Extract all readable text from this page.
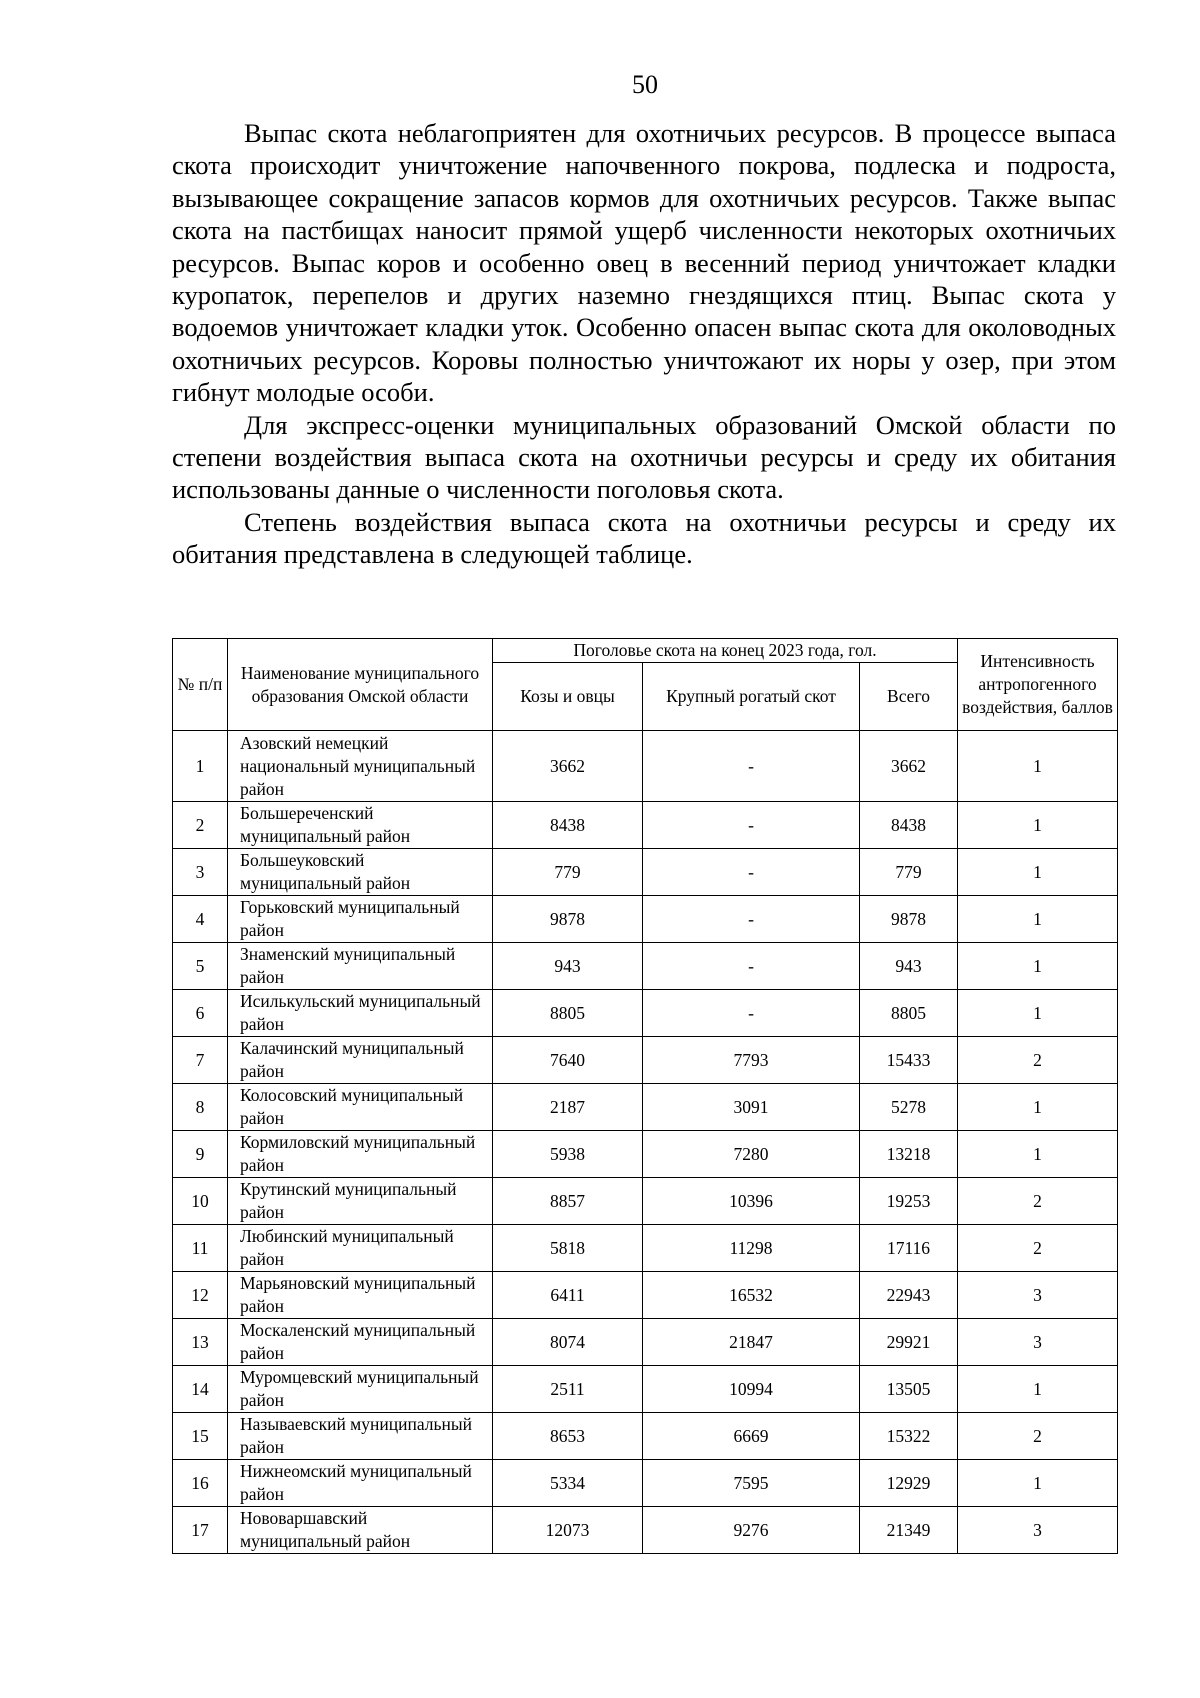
50

Выпас скота неблагоприятен для охотничьих ресурсов. В процессе выпаса скота происходит уничтожение напочвенного покрова, подлеска и подроста, вызывающее сокращение запасов кормов для охотничьих ресурсов. Также выпас скота на пастбищах наносит прямой ущерб численности некоторых охотничьих ресурсов. Выпас коров и особенно овец в весенний период уничтожает кладки куропаток, перепелов и других наземно гнездящихся птиц. Выпас скота у водоемов уничтожает кладки уток. Особенно опасен выпас скота для околоводных охотничьих ресурсов. Коровы полностью уничтожают их норы у озер, при этом гибнут молодые особи.

Для экспресс-оценки муниципальных образований Омской области по степени воздействия выпаса скота на охотничьи ресурсы и среду их обитания использованы данные о численности поголовья скота.

Степень воздействия выпаса скота на охотничьи ресурсы и среду их обитания представлена в следующей таблице.

№ п/п	Наименование муниципального образования Омской области	Поголовье скота на конец 2023 года, гол.			Интенсивность антропогенного воздействия, баллов
		Козы и овцы	Крупный рогатый скот	Всего	
1	Азовский немецкий национальный муниципальный район	3662	-	3662	1
2	Большереченский муниципальный район	8438	-	8438	1
3	Большеуковский муниципальный район	779	-	779	1
4	Горьковский муниципальный район	9878	-	9878	1
5	Знаменский муниципальный район	943	-	943	1
6	Исилькульский муниципальный район	8805	-	8805	1
7	Калачинский муниципальный район	7640	7793	15433	2
8	Колосовский муниципальный район	2187	3091	5278	1
9	Кормиловский муниципальный район	5938	7280	13218	1
10	Крутинский муниципальный район	8857	10396	19253	2
11	Любинский муниципальный район	5818	11298	17116	2
12	Марьяновский муниципальный район	6411	16532	22943	3
13	Москаленский муниципальный район	8074	21847	29921	3
14	Муромцевский муниципальный район	2511	10994	13505	1
15	Называевский муниципальный район	8653	6669	15322	2
16	Нижнеомский муниципальный район	5334	7595	12929	1
17	Нововаршавский муниципальный район	12073	9276	21349	3
